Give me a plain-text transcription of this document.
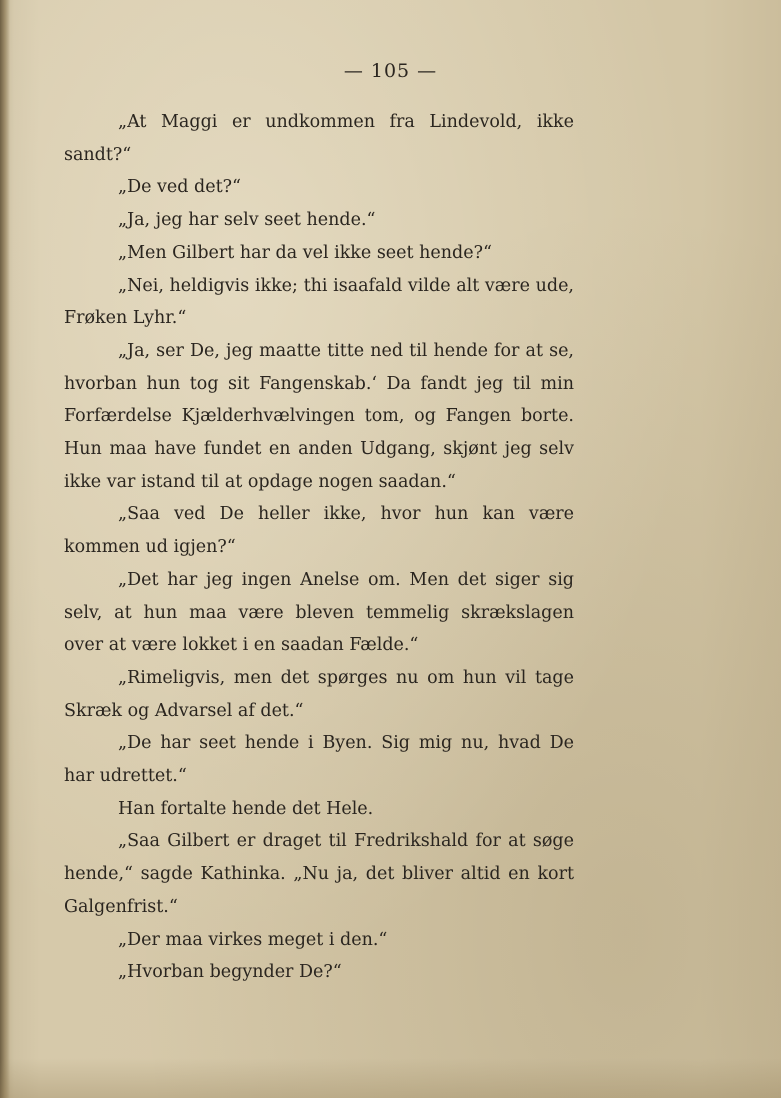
— 105 —

„At Maggi er undkommen fra Lindevold, ikke sandt?“

„De ved det?“

„Ja, jeg har selv seet hende.“

„Men Gilbert har da vel ikke seet hende?“

„Nei, heldigvis ikke; thi isaafald vilde alt være ude, Frøken Lyhr.“

„Ja, ser De, jeg maatte titte ned til hende for at se, hvorban hun tog sit Fangenskab.‘ Da fandt jeg til min Forfærdelse Kjælderhvælvingen tom, og Fangen borte. Hun maa have fundet en anden Udgang, skjønt jeg selv ikke var istand til at opdage nogen saadan.“

„Saa ved De heller ikke, hvor hun kan være kommen ud igjen?“

„Det har jeg ingen Anelse om. Men det siger sig selv, at hun maa være bleven temmelig skrækslagen over at være lokket i en saadan Fælde.“

„Rimeligvis, men det spørges nu om hun vil tage Skræk og Advarsel af det.“

„De har seet hende i Byen. Sig mig nu, hvad De har udrettet.“

Han fortalte hende det Hele.

„Saa Gilbert er draget til Fredrikshald for at søge hende,“ sagde Kathinka. „Nu ja, det bliver altid en kort Galgenfrist.“

„Der maa virkes meget i den.“

„Hvorban begynder De?“
